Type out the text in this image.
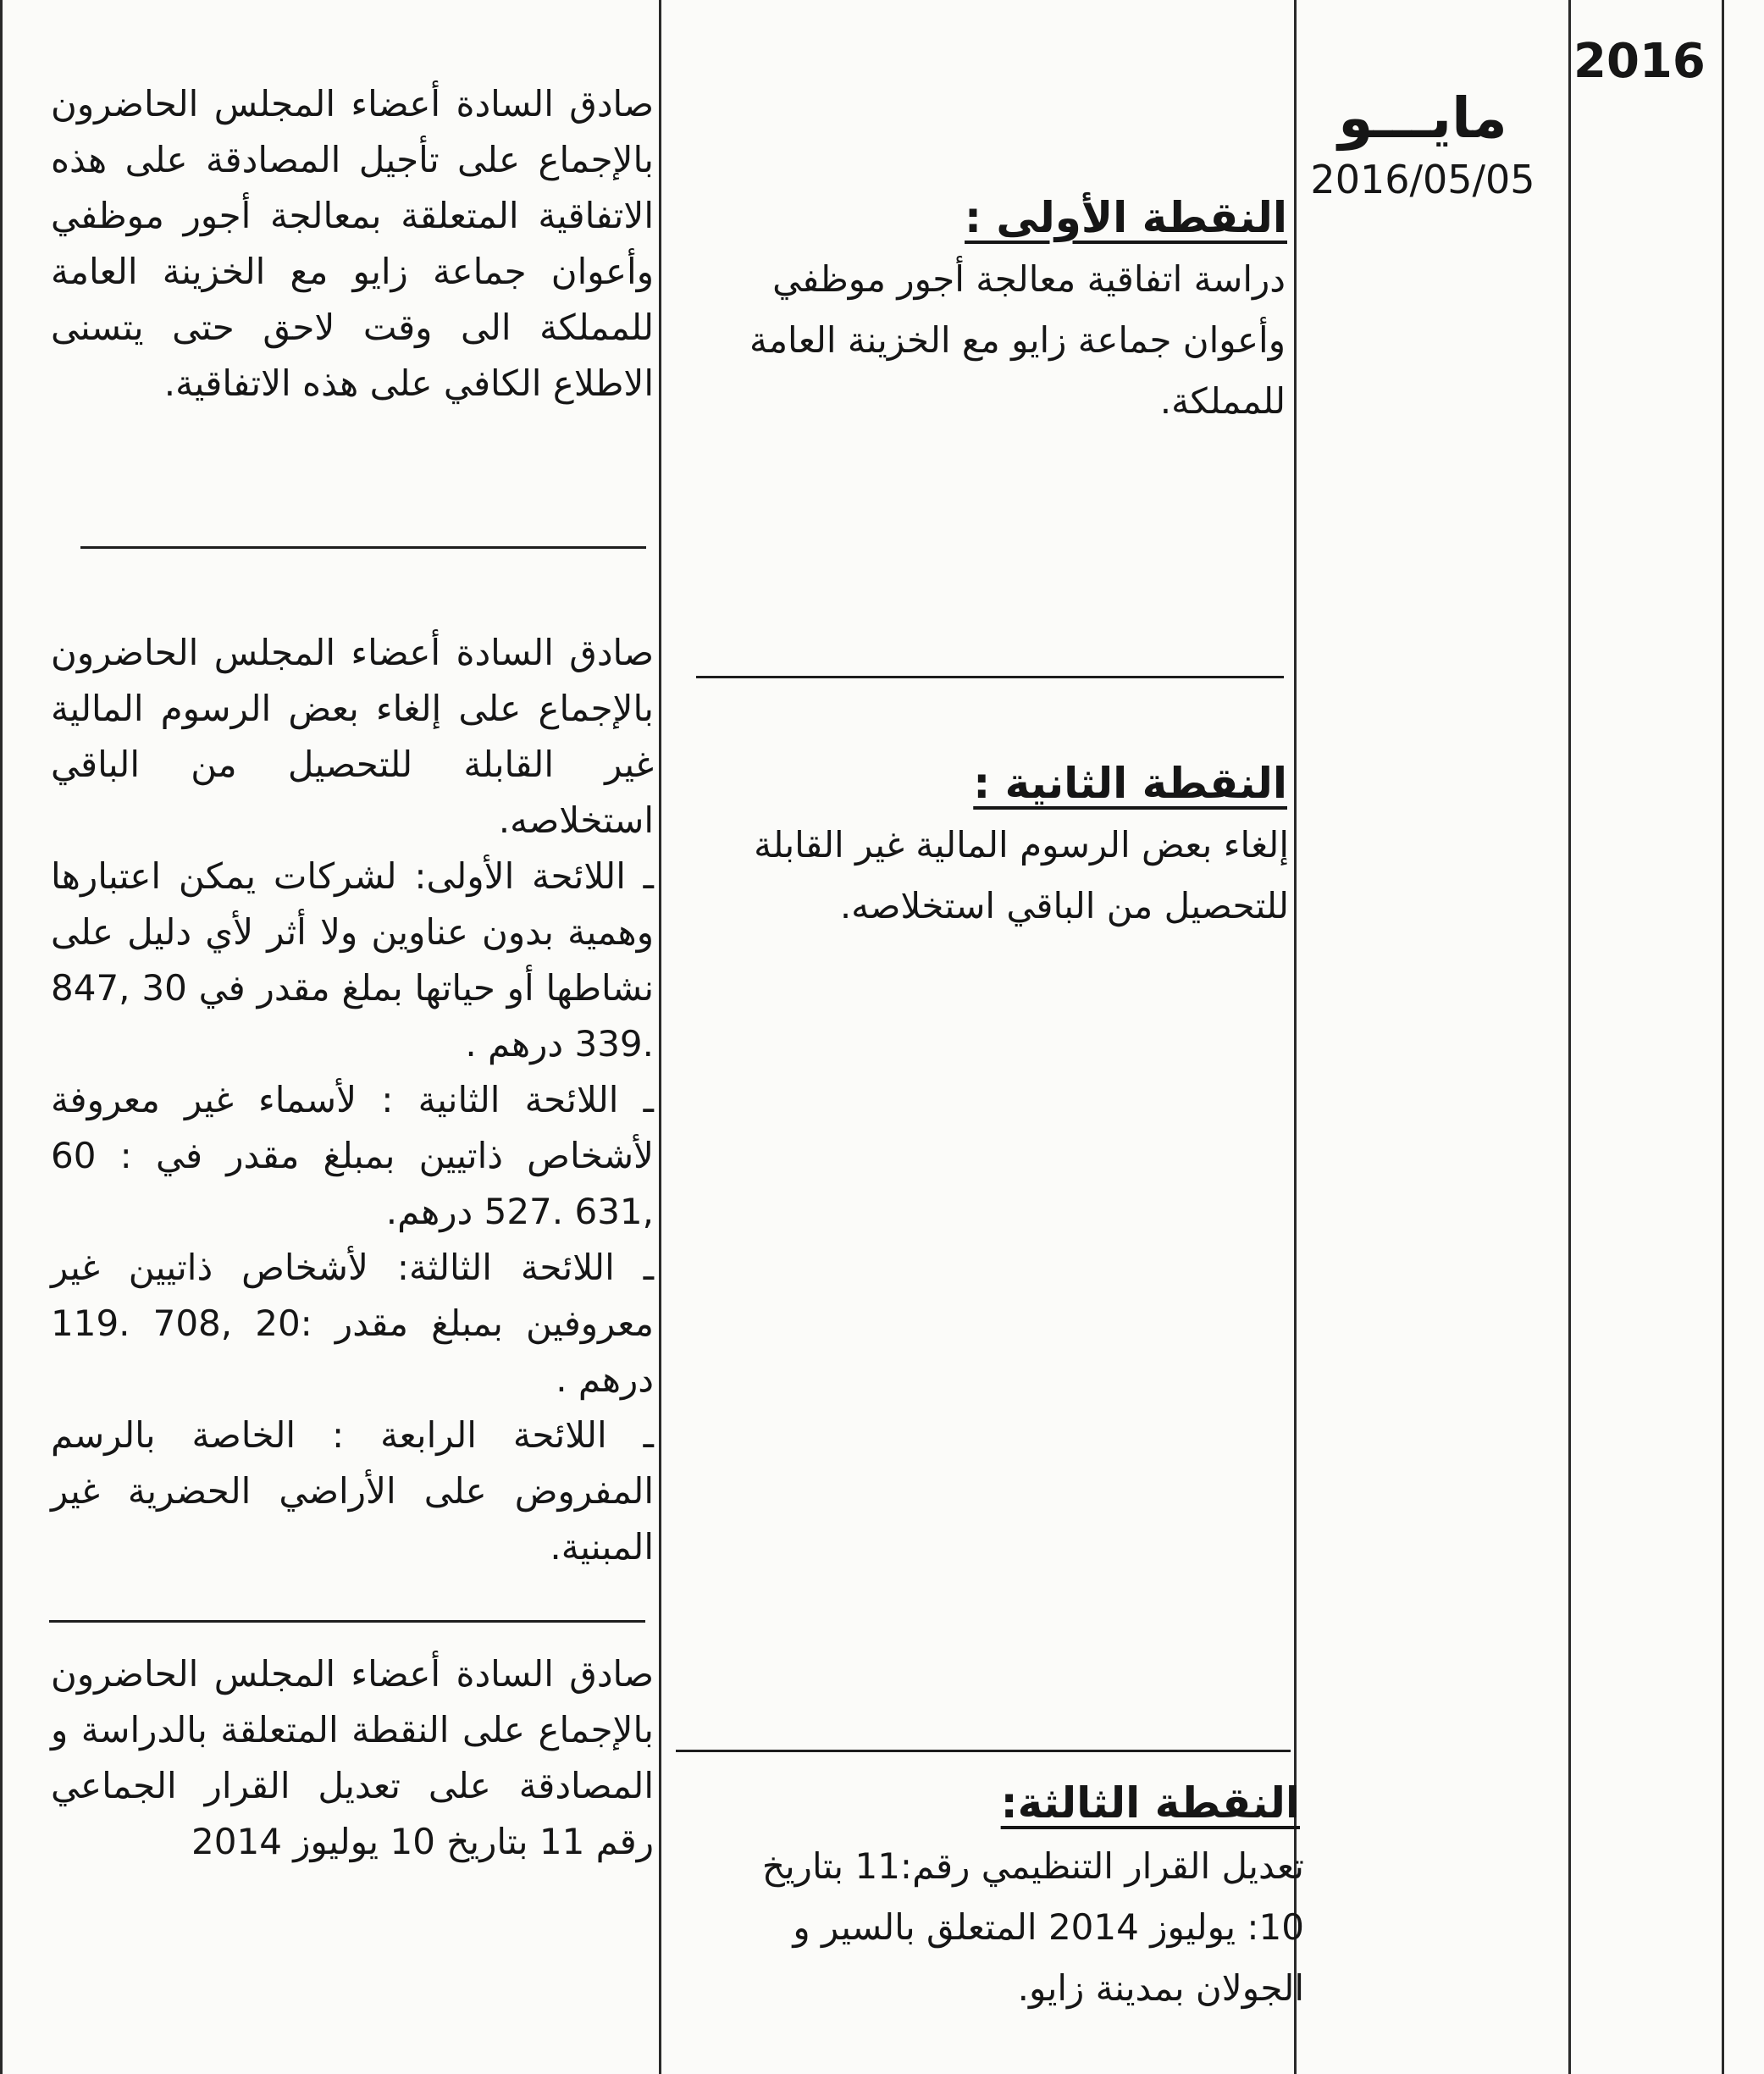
2016
مايـــو
2016/05/05
النقطة الأولى :
دراسة اتفاقية معالجة أجور موظفي وأعوان جماعة زايو مع الخزينة العامة للمملكة.
النقطة الثانية :
إلغاء بعض الرسوم المالية غير القابلة للتحصيل من الباقي استخلاصه.
النقطة الثالثة:
تعديل القرار التنظيمي رقم:11 بتاريخ 10: يوليوز 2014 المتعلق بالسير و الجولان بمدينة زايو.

صادق السادة أعضاء المجلس الحاضرون بالإجماع على تأجيل المصادقة على هذه الاتفاقية المتعلقة بمعالجة أجور موظفي وأعوان جماعة زايو مع الخزينة العامة للمملكة الى وقت لاحق حتى يتسنى الاطلاع الكافي على هذه الاتفاقية.

صادق السادة أعضاء المجلس الحاضرون بالإجماع على إلغاء بعض الرسوم المالية غير القابلة للتحصيل من الباقي استخلاصه.

ـ اللائحة الأولى: لشركات يمكن اعتبارها وهمية بدون عناوين ولا أثر لأي دليل على نشاطها أو حياتها بملغ مقدر في 30 ,847 .339 درهم .

ـ اللائحة الثانية : لأسماء غير معروفة لأشخاص ذاتيين بمبلغ مقدر في : 60 ,631 .527 درهم.

ـ اللائحة الثالثة: لأشخاص ذاتيين غير معروفين بمبلغ مقدر :20 ,708 .119 درهم .

ـ اللائحة الرابعة : الخاصة بالرسم المفروض على الأراضي الحضرية غير المبنية.

صادق السادة أعضاء المجلس الحاضرون بالإجماع على النقطة المتعلقة بالدراسة و المصادقة على تعديل القرار الجماعي رقم 11 بتاريخ 10 يوليوز 2014
